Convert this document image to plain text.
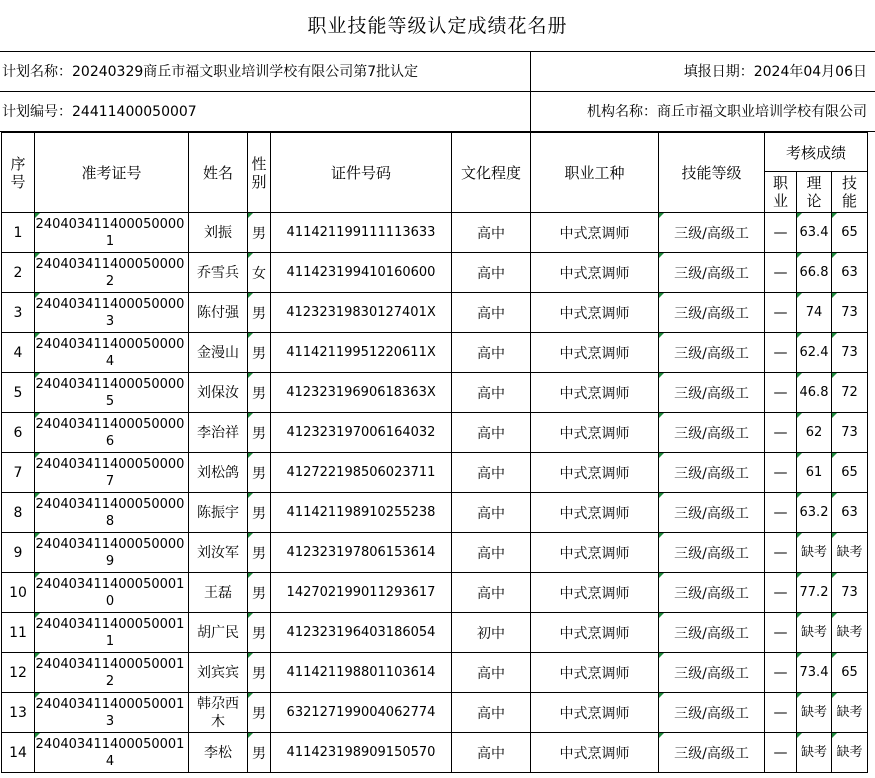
职业技能等级认定成绩花名册
计划名称：20240329商丘市福文职业培训学校有限公司第7批认定	填报日期：2024年04月06日
计划编号：24411400050007	机构名称：商丘市福文职业培训学校有限公司
序号	准考证号	姓名	性别	证件号码	文化程度	职业工种	技能等级	考核成绩		
								职业	理论	技能
1	2404034114000500001	刘振	男	411421199111113633	高中	中式烹调师	三级/高级工	—	63.4	65
2	2404034114000500002	乔雪兵	女	411423199410160600	高中	中式烹调师	三级/高级工	—	66.8	63
3	2404034114000500003	陈付强	男	41232319830127401X	高中	中式烹调师	三级/高级工	—	74	73
4	2404034114000500004	金漫山	男	41142119951220611X	高中	中式烹调师	三级/高级工	—	62.4	73
5	2404034114000500005	刘保汝	男	41232319690618363X	高中	中式烹调师	三级/高级工	—	46.8	72
6	2404034114000500006	李治祥	男	412323197006164032	高中	中式烹调师	三级/高级工	—	62	73
7	2404034114000500007	刘松鸽	男	412722198506023711	高中	中式烹调师	三级/高级工	—	61	65
8	2404034114000500008	陈振宇	男	411421198910255238	高中	中式烹调师	三级/高级工	—	63.2	63
9	2404034114000500009	刘汝军	男	412323197806153614	高中	中式烹调师	三级/高级工	—	缺考	缺考
10	2404034114000500010	王磊	男	142702199011293617	高中	中式烹调师	三级/高级工	—	77.2	73
11	2404034114000500011	胡广民	男	412323196403186054	初中	中式烹调师	三级/高级工	—	缺考	缺考
12	2404034114000500012	刘宾宾	男	411421198801103614	高中	中式烹调师	三级/高级工	—	73.4	65
13	2404034114000500013	韩尕西木	男	632127199004062774	高中	中式烹调师	三级/高级工	—	缺考	缺考
14	2404034114000500014	李松	男	411423198909150570	高中	中式烹调师	三级/高级工	—	缺考	缺考
